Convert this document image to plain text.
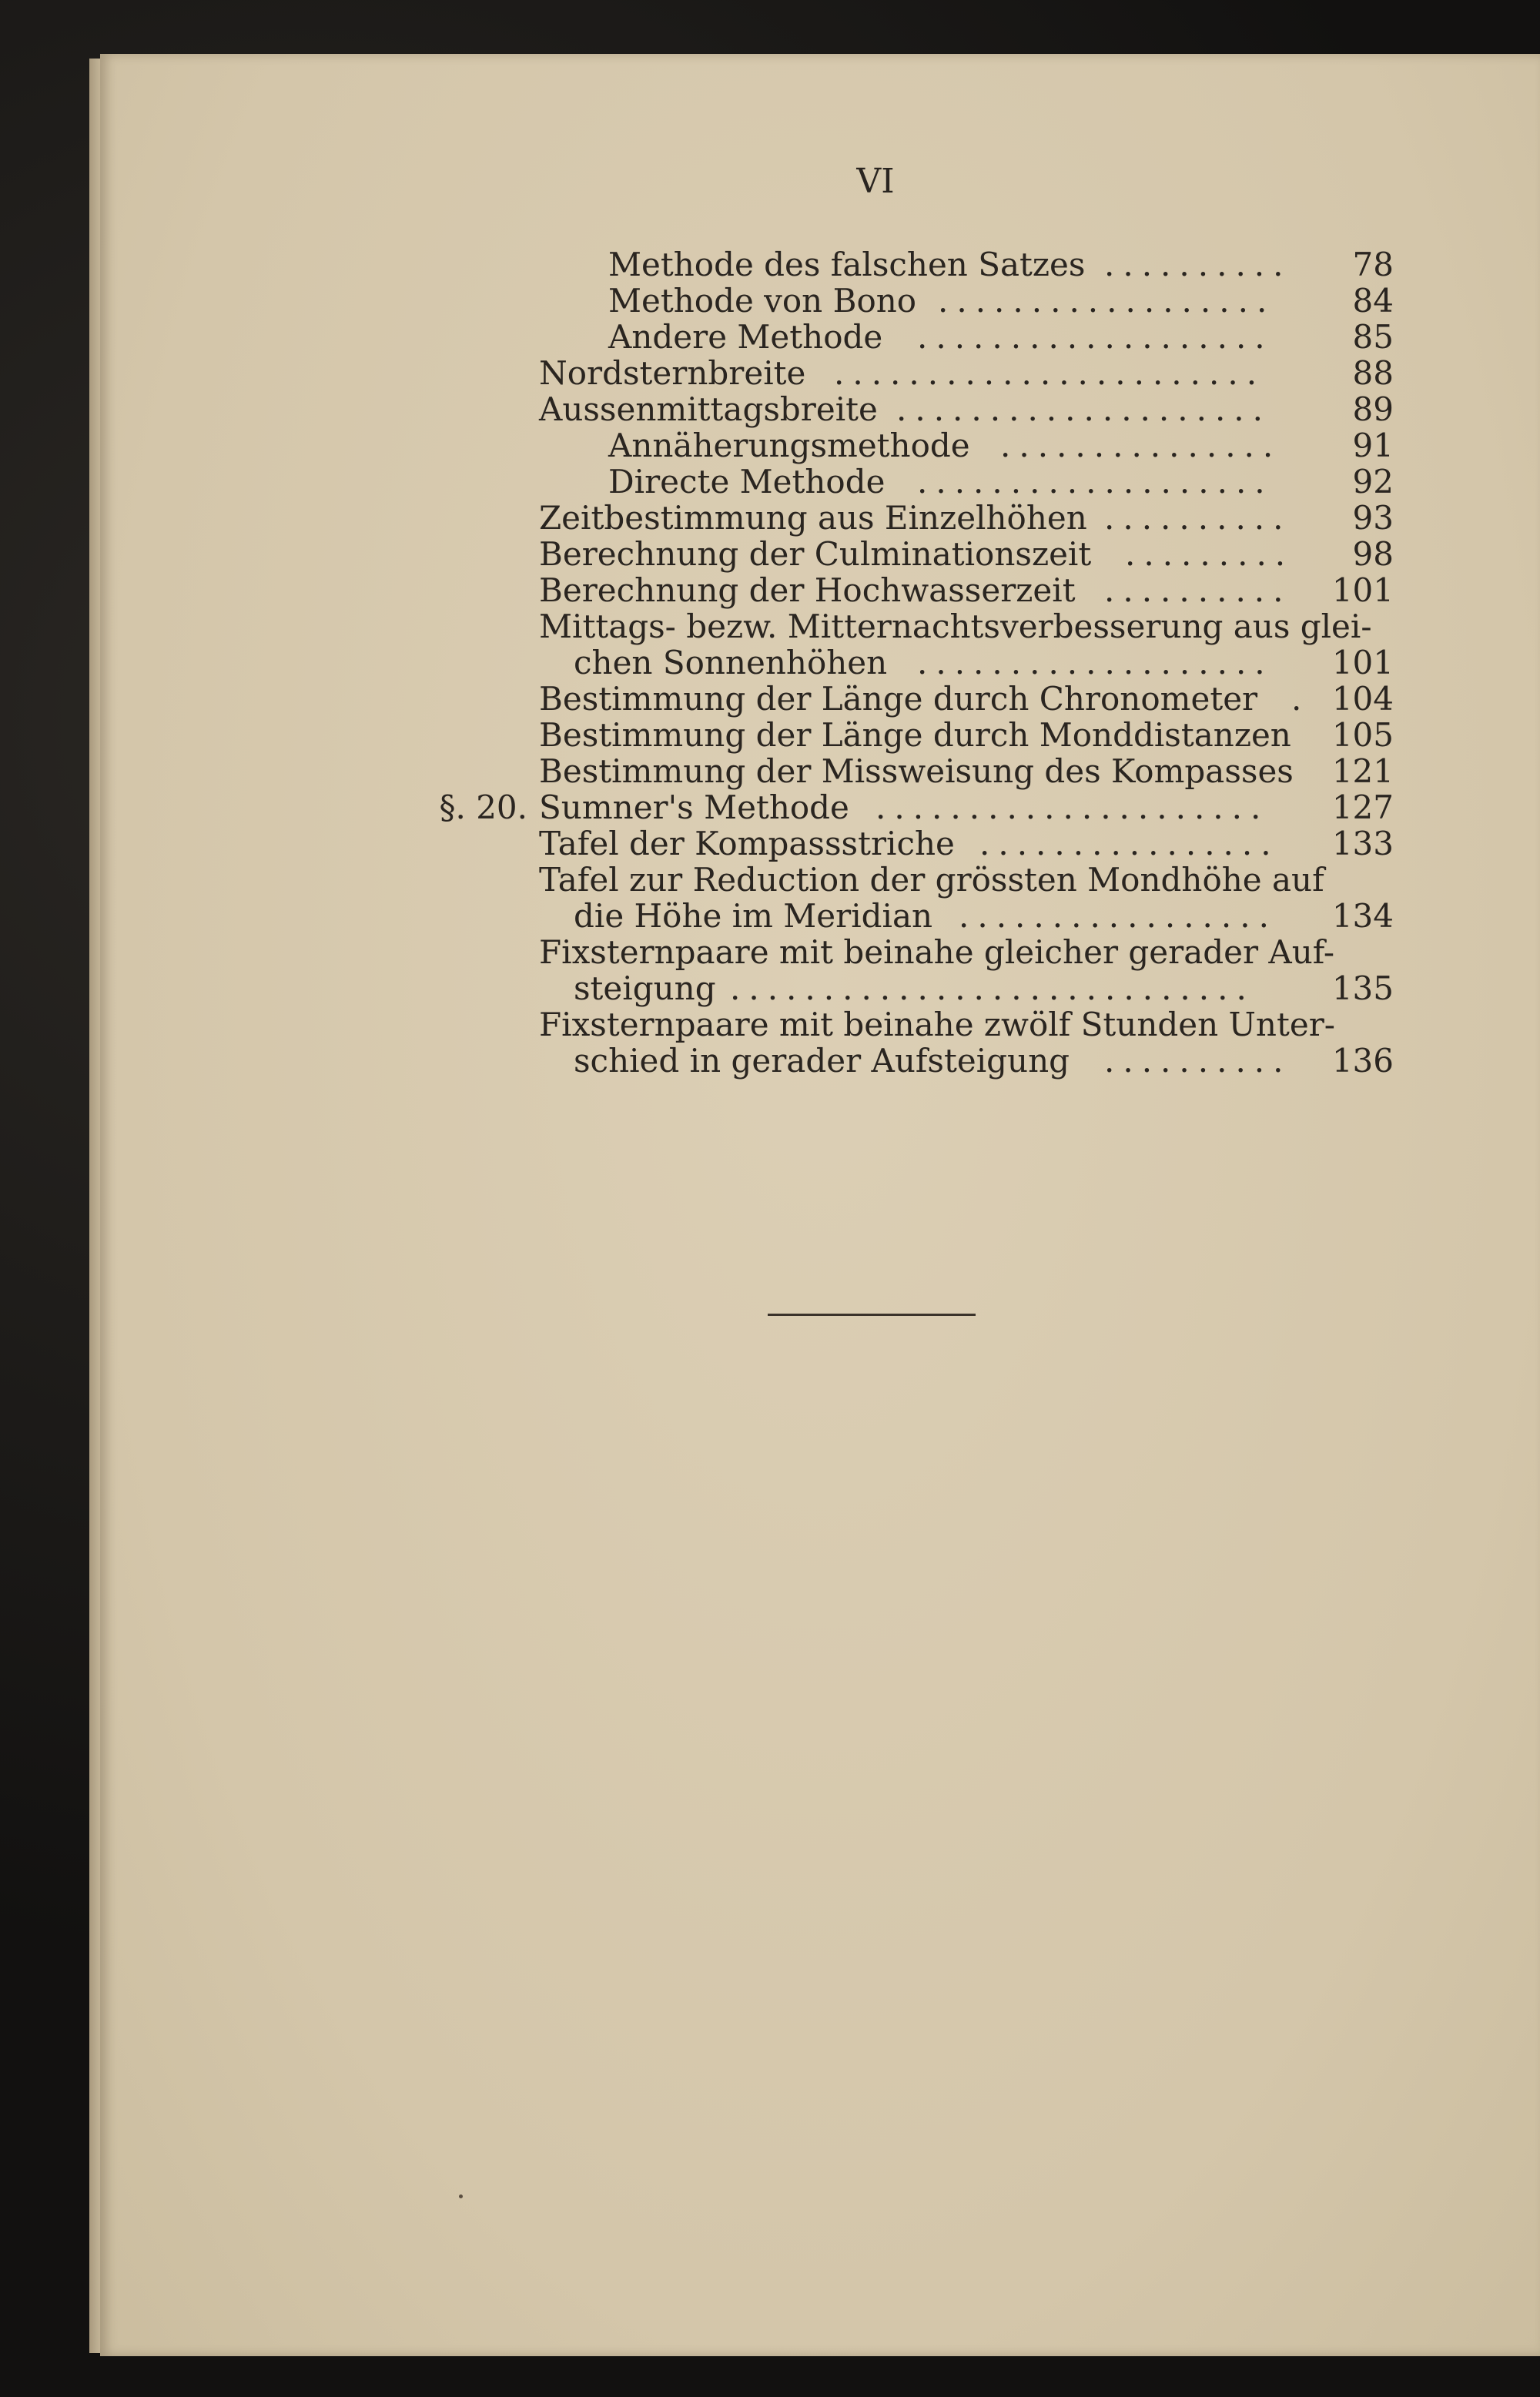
VI
Methode des falschen Satzes	78
..........
Methode von Bono	84
..................
Andere Methode	85
...................
Nordsternbreite	88
.......................
Aussenmittagsbreite	89
....................
Annäherungsmethode	91
...............
Directe Methode	92
...................
Zeitbestimmung aus Einzelhöhen	93
..........
Berechnung der Culminationszeit	98
.........
Berechnung der Hochwasserzeit	101
..........
Mittags- bezw. Mitternachtsverbesserung aus glei-
chen Sonnenhöhen	101
...................
Bestimmung der Länge durch Chronometer 104
.
Bestimmung der Länge durch Monddistanzen 105
Bestimmung der Missweisung des Kompasses 121
§. 20. Sumner's Methode	127
.....................
Tafel der Kompassstriche	133
................
Tafel zur Reduction der grössten Mondhöhe auf
die Höhe im Meridian	134
.................
Fixsternpaare mit beinahe gleicher gerader Auf-
steigung	135
............................
Fixsternpaare mit beinahe zwölf Stunden Unter-
schied in gerader Aufsteigung	136
..........
